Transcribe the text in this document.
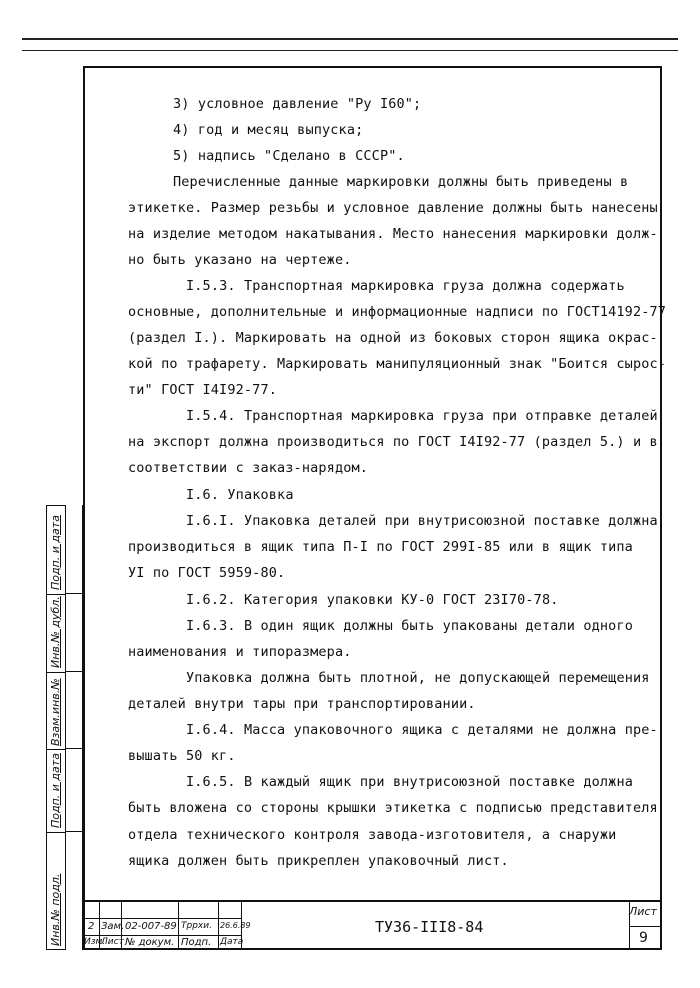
3) условное давление "Ру I60";
4) год и месяц выпуска;
5) надпись "Сделано в СССР".
Перечисленные данные маркировки должны быть приведены в
этикетке. Размер резьбы и условное давление должны быть нанесены
на изделие методом накатывания. Место нанесения маркировки долж-
но быть указано на чертеже.
I.5.3. Транспортная маркировка груза должна содержать
основные, дополнительные и информационные надписи по ГОСТ14192-77
(раздел I.). Маркировать на одной из боковых сторон ящика окрас-
кой по трафарету. Маркировать манипуляционный знак "Боится сырос-
ти" ГОСТ I4I92-77.
I.5.4. Транспортная маркировка груза при отправке деталей
на экспорт должна производиться по ГОСТ I4I92-77 (раздел 5.) и в
соответствии с заказ-нарядом.
I.6. Упаковка
I.6.I. Упаковка деталей при внутрисоюзной поставке должна
производиться в ящик типа П-I по ГОСТ 299I-85 или в ящик типа
УI по ГОСТ 5959-80.
I.6.2. Категория упаковки КУ-0 ГОСТ 23I70-78.
I.6.3. В один ящик должны быть упакованы детали одного
наименования и типоразмера.
Упаковка должна быть плотной, не допускающей перемещения
деталей внутри тары при транспортировании.
I.6.4. Масса упаковочного ящика с деталями не должна пре-
вышать 50 кг.
I.6.5. В каждый ящик при внутрисоюзной поставке должна
быть вложена со стороны крышки этикетка с подписью представителя
отдела технического контроля завода-изготовителя, а снаружи
ящика должен быть прикреплен упаковочный лист.
Подп. и дата
Инв.№ дубл.
Взам.инв.№
Подп. и дата
Инв.№ подл.	2 Зам. 02-007-89 Тррхи. 26.6.89
Изм.
Лист № докум. Подп. Дата
ТУ36-III8-84
Лист
9
